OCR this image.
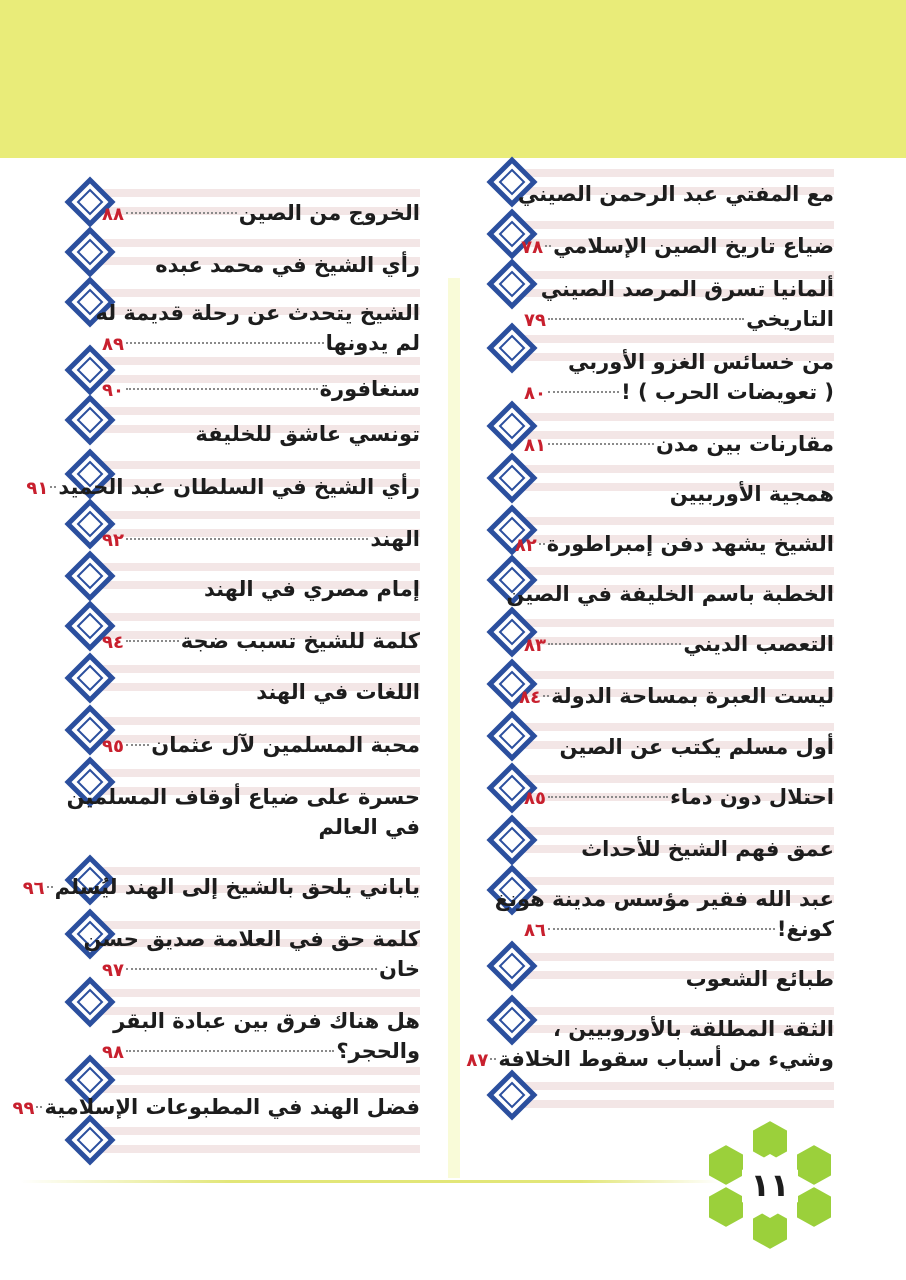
مع المفتي عبد الرحمن الصيني
ضياع تاريخ الصين الإسلامي
٧٨
ألمانيا تسرق المرصد الصيني
التاريخي
٧٩
من خسائس الغزو الأوربي
( تعويضات الحرب ) !
٨٠
مقارنات بين مدن
٨١
همجية الأوربيين
الشيخ يشهد دفن إمبراطورة
٨٢
الخطبة باسم الخليفة في الصين
التعصب الديني
٨٣
ليست العبرة بمساحة الدولة
٨٤
أول مسلم يكتب عن الصين
احتلال دون دماء
٨٥
عمق فهم الشيخ للأحداث
عبد الله فقير مؤسس مدينة هونغ
كونغ!
٨٦
طبائع الشعوب
الثقة المطلقة بالأوروبيين ،
وشيء من أسباب سقوط الخلافة
٨٧
الخروج من الصين
٨٨
رأي الشيخ في محمد عبده
الشيخ يتحدث عن رحلة قديمة له
لم يدونها
٨٩
سنغافورة
٩٠
تونسي عاشق للخليفة
رأي الشيخ في السلطان عبد الحميد
٩١
الهند
٩٢
إمام مصري في الهند
كلمة للشيخ تسبب ضجة
٩٤
اللغات في الهند
محبة المسلمين لآل عثمان
٩٥
حسرة على ضياع أوقاف المسلمين
في العالم
ياباني يلحق بالشيخ إلى الهند ليُسلم
٩٦
كلمة حق في العلامة صديق حسن
خان
٩٧
هل هناك فرق بين عبادة البقر
والحجر؟
٩٨
فضل الهند في المطبوعات الإسلامية
٩٩
١١
